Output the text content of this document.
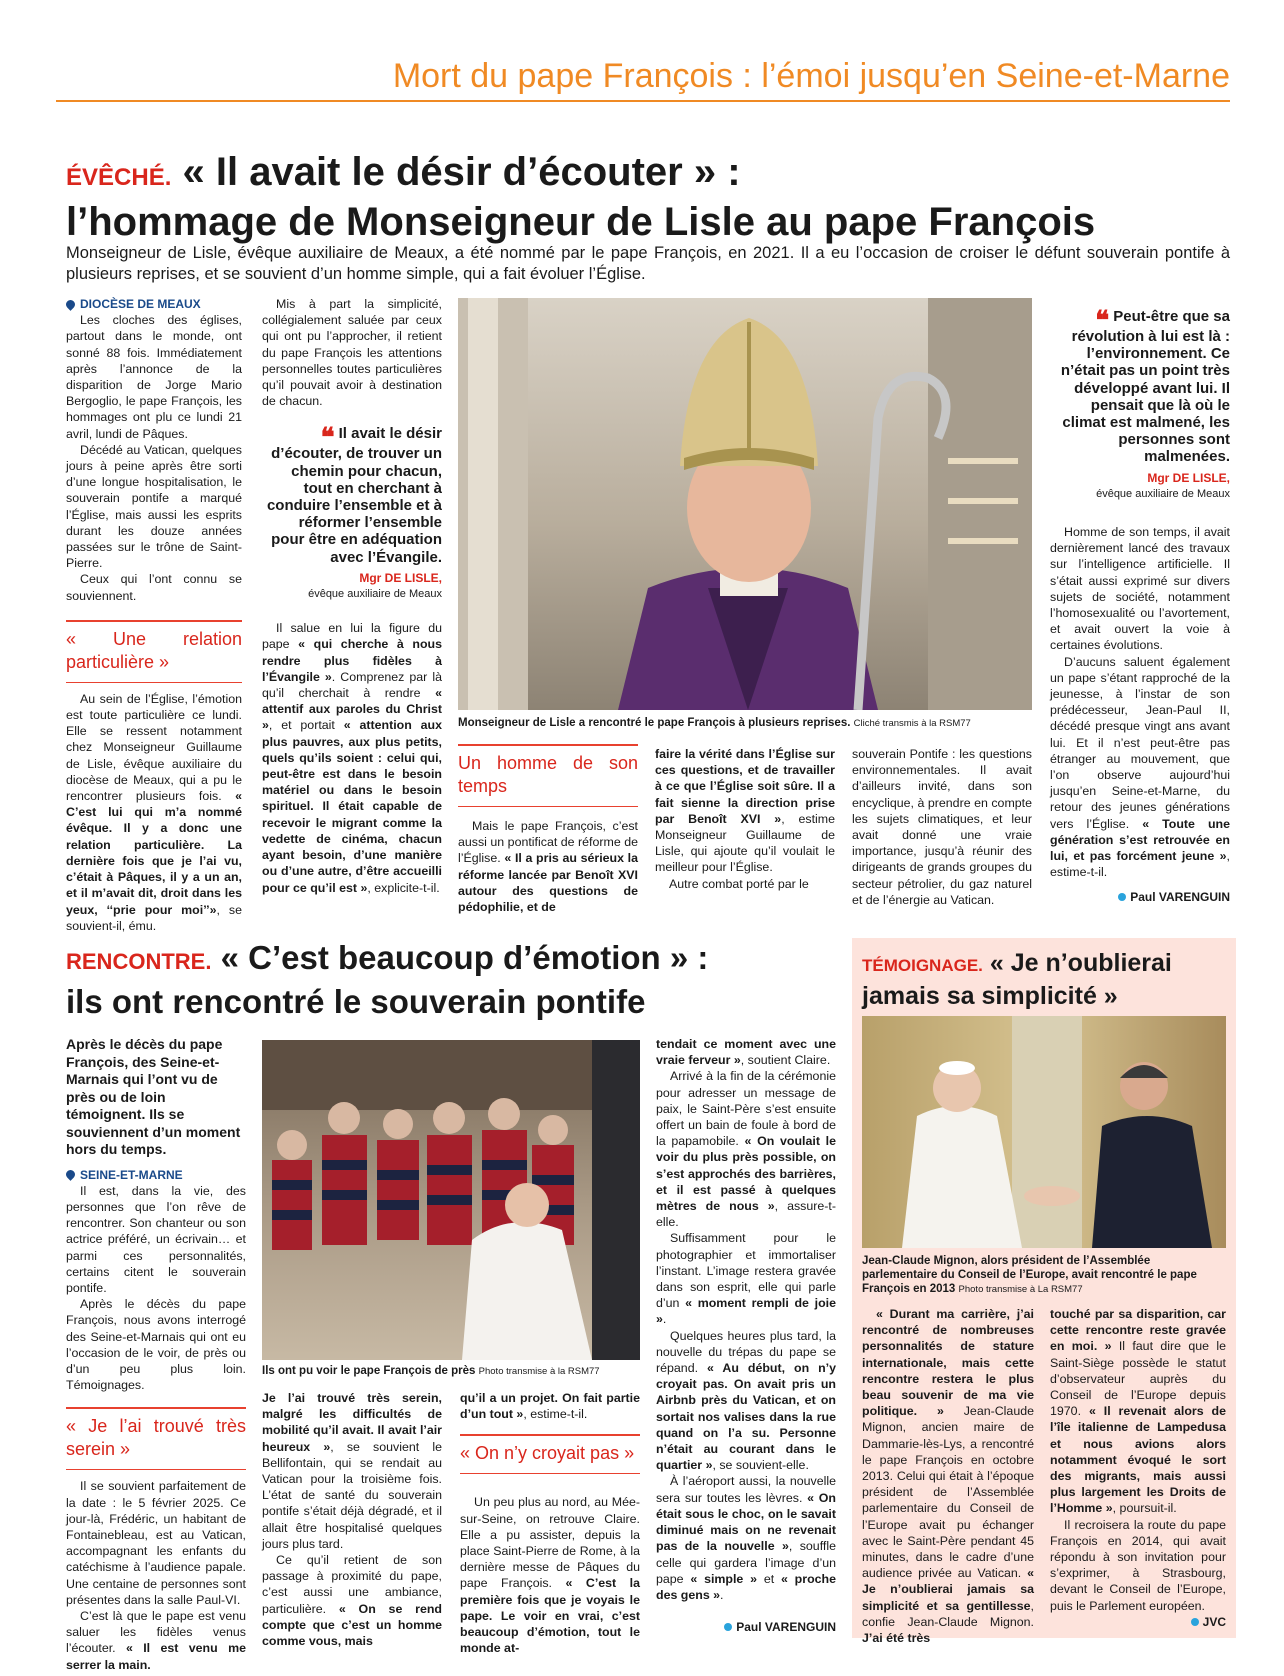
Mort du pape François : l’émoi jusqu’en Seine-et-Marne
ÉVÊCHÉ. « Il avait le désir d’écouter » :
l’hommage de Monseigneur de Lisle au pape François
Monseigneur de Lisle, évêque auxiliaire de Meaux, a été nommé par le pape François, en 2021. Il a eu l’occasion de croiser le défunt souverain pontife à plusieurs reprises, et se souvient d’un homme simple, qui a fait évoluer l’Église.
DIOCÈSE DE MEAUX

Les cloches des églises, partout dans le monde, ont sonné 88 fois. Immédiatement après l’annonce de la disparition de Jorge Mario Bergoglio, le pape François, les hommages ont plu ce lundi 21 avril, lundi de Pâques.

Décédé au Vatican, quelques jours à peine après être sorti d’une longue hospitalisation, le souverain pontife a marqué l’Église, mais aussi les esprits durant les douze années passées sur le trône de Saint-Pierre.

Ceux qui l’ont connu se souviennent.

« Une relation particulière »

Au sein de l’Église, l’émotion est toute particulière ce lundi. Elle se ressent notamment chez Monseigneur Guillaume de Lisle, évêque auxiliaire du diocèse de Meaux, qui a pu le rencontrer plusieurs fois. « C’est lui qui m’a nommé évêque. Il y a donc une relation particulière. La dernière fois que je l’ai vu, c’était à Pâques, il y a un an, et il m’avait dit, droit dans les yeux, ‘‘prie pour moi’’», se souvient-il, ému.

Mis à part la simplicité, collégialement saluée par ceux qui ont pu l’approcher, il retient du pape François les attentions personnelles toutes particulières qu’il pouvait avoir à destination de chacun.

❝ Il avait le désir d’écouter, de trouver un chemin pour chacun, tout en cherchant à conduire l’ensemble et à réformer l’ensemble pour être en adéquation avec l’Évangile.
Mgr DE LISLE,
évêque auxiliaire de Meaux

Il salue en lui la figure du pape « qui cherche à nous rendre plus fidèles à l’Évangile ». Comprenez par là qu’il cherchait à rendre « attentif aux paroles du Christ », et portait « attention aux plus pauvres, aux plus petits, quels qu’ils soient : celui qui, peut-être est dans le besoin matériel ou dans le besoin spirituel. Il était capable de recevoir le migrant comme la vedette de cinéma, chacun ayant besoin, d’une manière ou d’une autre, d’être accueilli pour ce qu’il est », explicite-t-il.

Monseigneur de Lisle a rencontré le pape François à plusieurs reprises. Cliché transmis à la RSM77
Un homme de son temps

Mais le pape François, c’est aussi un pontificat de réforme de l’Église. « Il a pris au sérieux la réforme lancée par Benoît XVI autour des questions de pédophilie, et de

faire la vérité dans l’Église sur ces questions, et de travailler à ce que l’Église soit sûre. Il a fait sienne la direction prise par Benoît XVI », estime Monseigneur Guillaume de Lisle, qui ajoute qu’il voulait le meilleur pour l’Église.

Autre combat porté par le

souverain Pontife : les questions environnementales. Il avait d’ailleurs invité, dans son encyclique, à prendre en compte les sujets climatiques, et leur avait donné une vraie importance, jusqu’à réunir des dirigeants de grands groupes du secteur pétrolier, du gaz naturel et de l’énergie au Vatican.

❝ Peut-être que sa révolution à lui est là : l’environnement. Ce n’était pas un point très développé avant lui. Il pensait que là où le climat est malmené, les personnes sont malmenées.
Mgr DE LISLE,
évêque auxiliaire de Meaux

Homme de son temps, il avait dernièrement lancé des travaux sur l’intelligence artificielle. Il s’était aussi exprimé sur divers sujets de société, notamment l’homosexualité ou l’avortement, et avait ouvert la voie à certaines évolutions.

D’aucuns saluent également un pape s’étant rapproché de la jeunesse, à l’instar de son prédécesseur, Jean-Paul II, décédé presque vingt ans avant lui. Et il n’est peut-être pas étranger au mouvement, que l’on observe aujourd’hui jusqu’en Seine-et-Marne, du retour des jeunes générations vers l’Église. « Toute une génération s’est retrouvée en lui, et pas forcément jeune », estime-t-il.

Paul VARENGUIN
RENCONTRE. « C’est beaucoup d’émotion » :
ils ont rencontré le souverain pontife
Après le décès du pape François, des Seine-et-Marnais qui l’ont vu de près ou de loin témoignent. Ils se souviennent d’un moment hors du temps.
SEINE-ET-MARNE

Il est, dans la vie, des personnes que l’on rêve de rencontrer. Son chanteur ou son actrice préféré, un écrivain… et parmi ces personnalités, certains citent le souverain pontife.

Après le décès du pape François, nous avons interrogé des Seine-et-Marnais qui ont eu l’occasion de le voir, de près ou d’un peu plus loin. Témoignages.

« Je l’ai trouvé très serein »

Il se souvient parfaitement de la date : le 5 février 2025. Ce jour-là, Frédéric, un habitant de Fontainebleau, est au Vatican, accompagnant les enfants du catéchisme à l’audience papale. Une centaine de personnes sont présentes dans la salle Paul-VI.

C’est là que le pape est venu saluer les fidèles venus l’écouter. « Il est venu me serrer la main.

Ils ont pu voir le pape François de près Photo transmise à la RSM77

Je l’ai trouvé très serein, malgré les difficultés de mobilité qu’il avait. Il avait l’air heureux », se souvient le Bellifontain, qui se rendait au Vatican pour la troisième fois. L’état de santé du souverain pontife s’était déjà dégradé, et il allait être hospitalisé quelques jours plus tard.

Ce qu’il retient de son passage à proximité du pape, c’est aussi une ambiance, particulière. « On se rend compte que c’est un homme comme vous, mais

qu’il a un projet. On fait partie d’un tout », estime-t-il.

« On n’y croyait pas »

Un peu plus au nord, au Mée-sur-Seine, on retrouve Claire. Elle a pu assister, depuis la place Saint-Pierre de Rome, à la dernière messe de Pâques du pape François. « C’est la première fois que je voyais le pape. Le voir en vrai, c’est beaucoup d’émotion, tout le monde at-

tendait ce moment avec une vraie ferveur », soutient Claire.

Arrivé à la fin de la cérémonie pour adresser un message de paix, le Saint-Père s’est ensuite offert un bain de foule à bord de la papamobile. « On voulait le voir du plus près possible, on s’est approchés des barrières, et il est passé à quelques mètres de nous », assure-t-elle.

Suffisamment pour le photographier et immortaliser l’instant. L’image restera gravée dans son esprit, elle qui parle d’un « moment rempli de joie ».

Quelques heures plus tard, la nouvelle du trépas du pape se répand. « Au début, on n’y croyait pas. On avait pris un Airbnb près du Vatican, et on sortait nos valises dans la rue quand on l’a su. Personne n’était au courant dans le quartier », se souvient-elle.

À l’aéroport aussi, la nouvelle sera sur toutes les lèvres. « On était sous le choc, on le savait diminué mais on ne revenait pas de la nouvelle », souffle celle qui gardera l’image d’un pape « simple » et « proche des gens ».

Paul VARENGUIN
TÉMOIGNAGE. « Je n’oublierai
jamais sa simplicité »
Jean-Claude Mignon, alors président de l’Assemblée parlementaire du Conseil de l’Europe, avait rencontré le pape François en 2013 Photo transmise à La RSM77

« Durant ma carrière, j’ai rencontré de nombreuses personnalités de stature internationale, mais cette rencontre restera le plus beau souvenir de ma vie politique. » Jean-Claude Mignon, ancien maire de Dammarie-lès-Lys, a rencontré le pape François en octobre 2013. Celui qui était à l’époque président de l’Assemblée parlementaire du Conseil de l’Europe avait pu échanger avec le Saint-Père pendant 45 minutes, dans le cadre d’une audience privée au Vatican. « Je n’oublierai jamais sa simplicité et sa gentillesse, confie Jean-Claude Mignon. J’ai été très

touché par sa disparition, car cette rencontre reste gravée en moi. » Il faut dire que le Saint-Siège possède le statut d’observateur auprès du Conseil de l’Europe depuis 1970. « Il revenait alors de l’île italienne de Lampedusa et nous avions alors notamment évoqué le sort des migrants, mais aussi plus largement les Droits de l’Homme », poursuit-il.

Il recroisera la route du pape François en 2014, qui avait répondu à son invitation pour s’exprimer, à Strasbourg, devant le Conseil de l’Europe, puis le Parlement européen.

JVC
